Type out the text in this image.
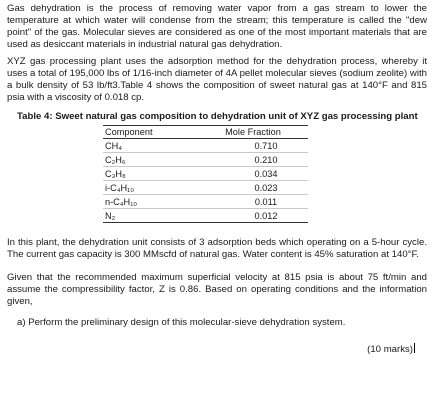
Gas dehydration is the process of removing water vapor from a gas stream to lower the temperature at which water will condense from the stream; this temperature is called the "dew point" of the gas. Molecular sieves are considered as one of the most important materials that are used as desiccant materials in industrial natural gas dehydration.

XYZ gas processing plant uses the adsorption method for the dehydration process, whereby it uses a total of 195,000 lbs of 1/16-inch diameter of 4A pellet molecular sieves (sodium zeolite) with a bulk density of 53 lb/ft3.Table 4 shows the composition of sweet natural gas at 140°F and 815 psia with a viscosity of 0.018 cp.

Table 4: Sweet natural gas composition to dehydration unit of XYZ gas processing plant
Component	Mole Fraction
CH₄	0.710
C₂H₆	0.210
C₃H₈	0.034
i-C₄H₁₀	0.023
n-C₄H₁₀	0.011
N₂	0.012

In this plant, the dehydration unit consists of 3 adsorption beds which operating on a 5-hour cycle. The current gas capacity is 300 MMscfd of natural gas. Water content is 45% saturation at 140°F.

Given that the recommended maximum superficial velocity at 815 psia is about 75 ft/min and assume the compressibility factor, Z is 0.86. Based on operating conditions and the information given,

a) Perform the preliminary design of this molecular-sieve dehydration system.
(10 marks)
